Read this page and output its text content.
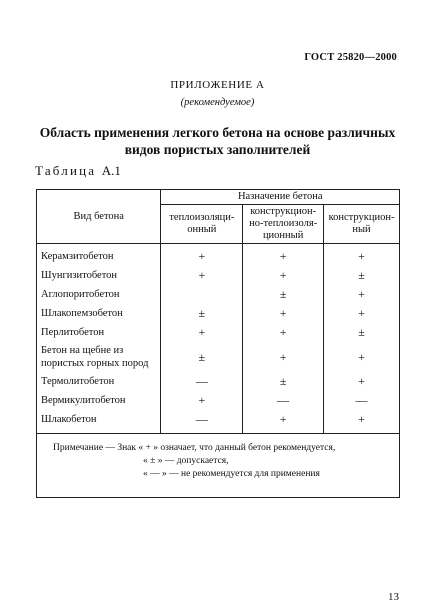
ГОСТ 25820—2000
ПРИЛОЖЕНИЕ А
(рекомендуемое)
Область применения легкого бетона на основе различных видов пористых заполнителей
Таблица А.1
Вид бетона	Назначение бетона		
	теплоизоляци-онный	конструкцион-но-теплоизоля-ционный	конструкцион-ный
Керамзитобетон	+	+	+
Шунгизитобетон	+	+	±
Аглопоритобетон		±	+
Шлакопемзобетон	±	+	+
Перлитобетон	+	+	±
Бетон на щебне из пористых горных пород	±	+	+
Термолитобетон	—	±	+
Вермикулитобетон	+	—	—
Шлакобетон	—	+	+

Примечание — Знак « + » означает, что данный бетон рекомендуется,
« ± » — допускается,
« — » — не рекомендуется для применения			
13
